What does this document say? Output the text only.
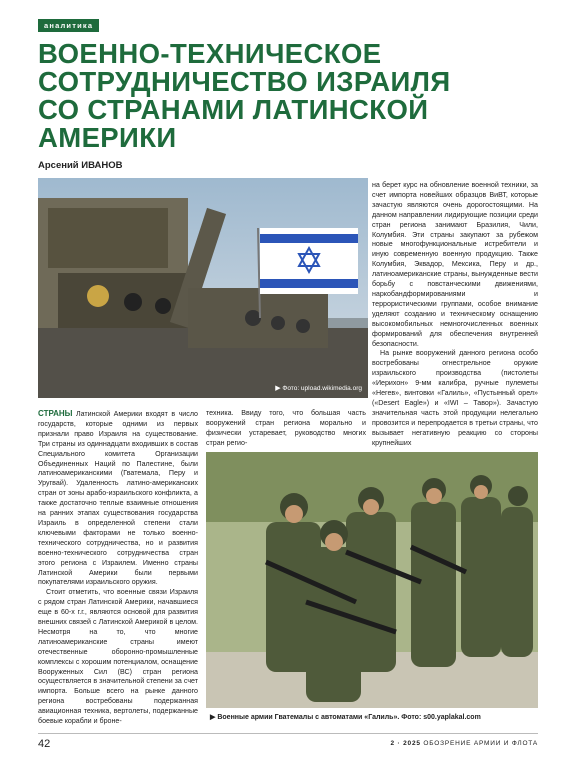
аналитика
ВОЕННО-ТЕХНИЧЕСКОЕ
СОТРУДНИЧЕСТВО ИЗРАИЛЯ
СО СТРАНАМИ ЛАТИНСКОЙ
АМЕРИКИ
Арсений ИВАНОВ
▶ Фото: upload.wikimedia.org

СТРАНЫ Латинской Америки входят в число государств, которые одними из первых признали право Израиля на существование. Три страны из одиннадцати входивших в состав Специального комитета Организации Объединенных Наций по Палестине, были латиноамериканскими (Гватемала, Перу и Уругвай). Удаленность латино-американских стран от зоны арабо-израильского конфликта, а также достаточно теплые взаимные отношения на ранних этапах существования государства Израиль в определенной степени стали ключевыми факторами не только военно-технического сотрудничества, но и развития военно-технического сотрудничества стран этого региона с Израилем. Именно страны Латинской Америки были первыми покупателями израильского оружия.

Стоит отметить, что военные связи Израиля с рядом стран Латинской Америки, начавшиеся еще в 60-х г.г., являются основой для развития внешних связей с Латинской Америкой в целом. Несмотря на то, что многие латиноамериканские страны имеют отечественные оборонно-промышленные комплексы с хорошим потенциалом, оснащение Вооруженных Сил (ВС) стран региона осуществляется в значительной степени за счет импорта. Больше всего на рынке данного региона востребованы подержанная авиационная техника, вертолеты, подержанные боевые корабли и броне-

техника. Ввиду того, что большая часть вооружений стран региона морально и физически устаревает, руководство многих стран регио-

на берет курс на обновление военной техники, за счет импорта новейших образцов ВиВТ, которые зачастую являются очень дорогостоящими. На данном направлении лидирующие позиции среди стран региона занимают Бразилия, Чили, Колумбия. Эти страны закупают за рубежом новые многофункциональные истребители и иную современную военную продукцию. Также Колумбия, Эквадор, Мексика, Перу и др., латиноамериканские страны, вынужденные вести борьбу с повстанческими движениями, наркобандформированиями и террористическими группами, особое внимание уделяют созданию и техническому оснащению высокомобильных немногочисленных военных формирований для обеспечения внутренней безопасности.

На рынке вооружений данного региона особо востребованы огнестрельное оружие израильского производства (пистолеты «Иерихон» 9-мм калибра, ручные пулеметы «Негев», винтовки «Галиль», «Пустынный орел» («Desert Eagle») и «IWI – Тавор»). Зачастую значительная часть этой продукции нелегально провозится и перепродается в третьи страны, что вызывает негативную реакцию со стороны крупнейших

▶ Военные армии Гватемалы с автоматами «Галиль». Фото: s00.yaplakal.com
42	2 · 2025 ОБОЗРЕНИЕ АРМИИ И ФЛОТА
